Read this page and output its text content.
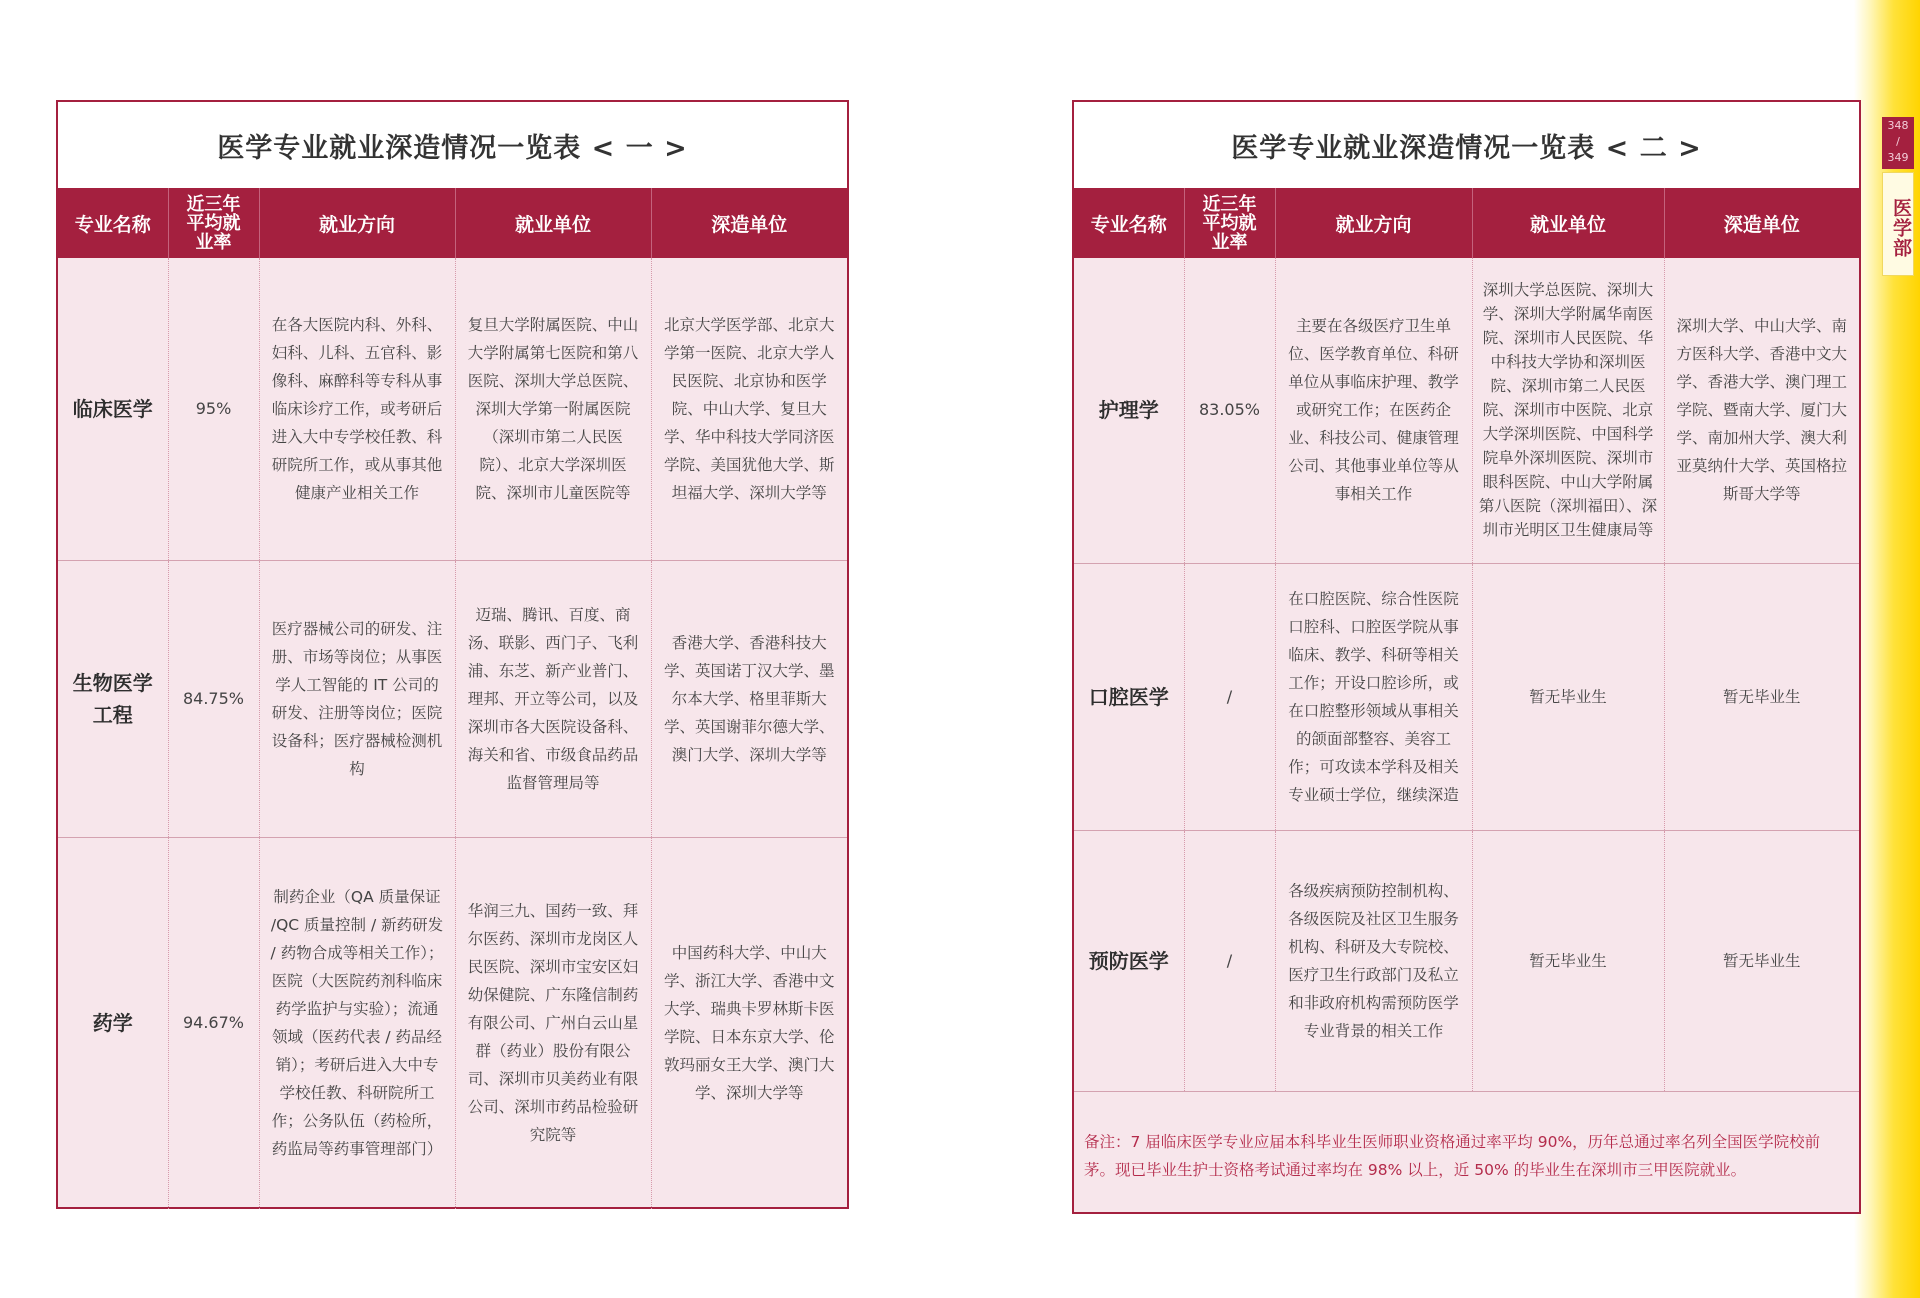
348
/
349
医学部
医学专业就业深造情况一览表 < 一 >
专业名称	近三年平均就业率	就业方向	就业单位	深造单位
临床医学	95%	在各大医院内科、外科、妇科、儿科、五官科、影像科、麻醉科等专科从事临床诊疗工作，或考研后进入大中专学校任教、科研院所工作，或从事其他健康产业相关工作	复旦大学附属医院、中山大学附属第七医院和第八医院、深圳大学总医院、深圳大学第一附属医院（深圳市第二人民医院）、北京大学深圳医院、深圳市儿童医院等	北京大学医学部、北京大学第一医院、北京大学人民医院、北京协和医学院、中山大学、复旦大学、华中科技大学同济医学院、美国犹他大学、斯坦福大学、深圳大学等

生物医学工程	84.75%	医疗器械公司的研发、注册、市场等岗位；从事医学人工智能的 IT 公司的研发、注册等岗位；医院设备科；医疗器械检测机构	迈瑞、腾讯、百度、商汤、联影、西门子、飞利浦、东芝、新产业普门、理邦、开立等公司，以及深圳市各大医院设备科、海关和省、市级食品药品监督管理局等	香港大学、香港科技大学、英国诺丁汉大学、墨尔本大学、格里菲斯大学、英国谢菲尔德大学、澳门大学、深圳大学等
药学	94.67%	制药企业（QA 质量保证 /QC 质量控制 / 新药研发 / 药物合成等相关工作）；医院（大医院药剂科临床药学监护与实验）；流通领域（医药代表 / 药品经销）；考研后进入大中专学校任教、科研院所工作；公务队伍（药检所，药监局等药事管理部门）	华润三九、国药一致、拜尔医药、深圳市龙岗区人民医院、深圳市宝安区妇幼保健院、广东隆信制药有限公司、广州白云山星群（药业）股份有限公司、深圳市贝美药业有限公司、深圳市药品检验研究院等	中国药科大学、中山大学、浙江大学、香港中文大学、瑞典卡罗林斯卡医学院、日本东京大学、伦敦玛丽女王大学、澳门大学、深圳大学等
医学专业就业深造情况一览表 < 二 >
专业名称	近三年平均就业率	就业方向	就业单位	深造单位
护理学	83.05%	主要在各级医疗卫生单位、医学教育单位、科研单位从事临床护理、教学或研究工作；在医药企业、科技公司、健康管理公司、其他事业单位等从事相关工作	深圳大学总医院、深圳大学、深圳大学附属华南医院、深圳市人民医院、华中科技大学协和深圳医院、深圳市第二人民医院、深圳市中医院、北京大学深圳医院、中国科学院阜外深圳医院、深圳市眼科医院、中山大学附属第八医院（深圳福田）、深圳市光明区卫生健康局等	深圳大学、中山大学、南方医科大学、香港中文大学、香港大学、澳门理工学院、暨南大学、厦门大学、南加州大学、澳大利亚莫纳什大学、英国格拉斯哥大学等
口腔医学	/	在口腔医院、综合性医院口腔科、口腔医学院从事临床、教学、科研等相关工作；开设口腔诊所，或在口腔整形领域从事相关的颌面部整容、美容工作；可攻读本学科及相关专业硕士学位，继续深造	暂无毕业生	暂无毕业生
预防医学	/	各级疾病预防控制机构、各级医院及社区卫生服务机构、科研及大专院校、医疗卫生行政部门及私立和非政府机构需预防医学专业背景的相关工作	暂无毕业生	暂无毕业生
备注：7 届临床医学专业应届本科毕业生医师职业资格通过率平均 90%，历年总通过率名列全国医学院校前茅。现已毕业生护士资格考试通过率均在 98% 以上，近 50% 的毕业生在深圳市三甲医院就业。
